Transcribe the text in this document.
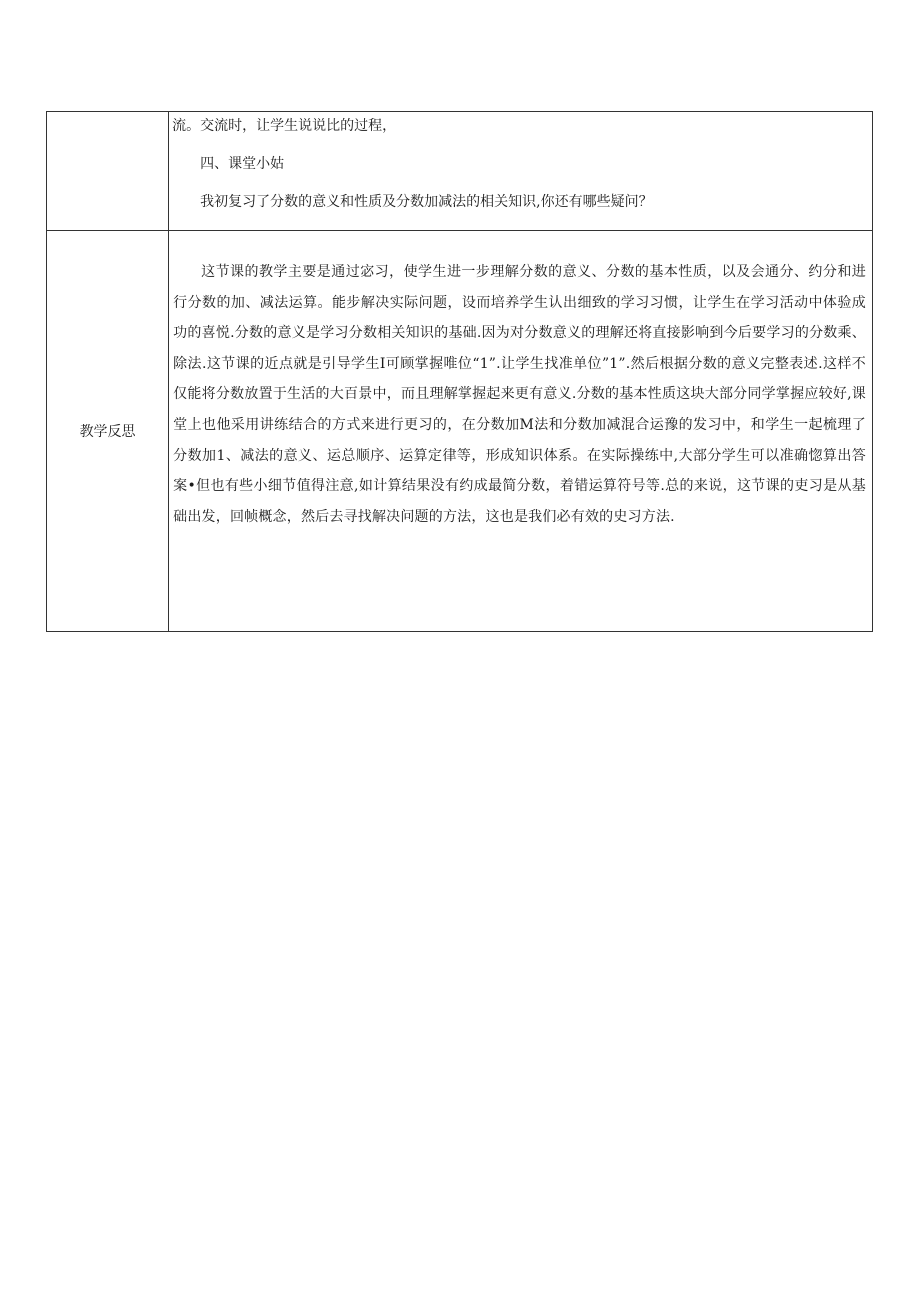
	流。交流时，让学生说说比的过程，

四、课堂小姑

我初复习了分数的意义和性质及分数加减法的相关知识,你还有哪些疑问？

教学反思	这节课的教学主要是通过宓习，使学生进一步理解分数的意义、分数的基本性质，以及会通分、约分和进行分数的加、减法运算。能步解决实际问题，设而培养学生认出细致的学习习惯，让学生在学习活动中体验成功的喜悦.分数的意义是学习分数相关知识的基础.因为对分数意义的理解还将直接影响到今后要学习的分数乘、除法.这节课的近点就是引导学生I可顾掌握唯位“1”.让学生找准单位”1”.然后根据分数的意义完整表述.这样不仅能将分数放置于生活的大百景中，而且理解掌握起来更有意义.分数的基本性质这块大部分同学掌握应较好,课堂上也他采用讲练结合的方式来进行更习的，在分数加M法和分数加减混合运豫的发习中，和学生一起梳理了分数加1、减法的意义、运总顺序、运算定律等，形成知识体系。在实际操练中,大部分学生可以准确惚算出答案•但也有些小细节值得注意,如计算结果没有约成最简分数，着错运算符号等.总的来说，这节课的吏习是从基础出发，回帧概念，然后去寻找解决问题的方法，这也是我们必有效的史习方法.
